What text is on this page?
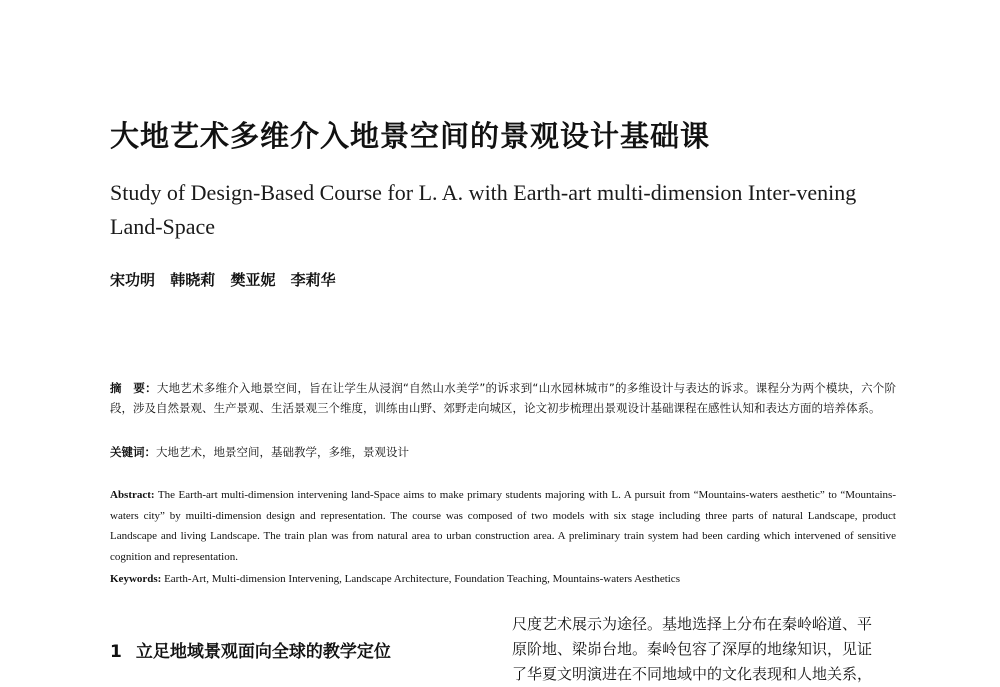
大地艺术多维介入地景空间的景观设计基础课
Study of Design-Based Course for L. A. with Earth-art multi-dimension Inter-vening Land-Space
宋功明 韩晓莉 樊亚妮 李莉华
摘　要：大地艺术多维介入地景空间，旨在让学生从浸润“自然山水美学”的诉求到“山水园林城市”的多维设计与表达的诉求。课程分为两个模块，六个阶段，涉及自然景观、生产景观、生活景观三个维度，训练由山野、郊野走向城区，论文初步梳理出景观设计基础课程在感性认知和表达方面的培养体系。
关键词：大地艺术，地景空间，基础教学，多维，景观设计
Abstract: The Earth-art multi-dimension intervening land-Space aims to make primary students majoring with L. A pursuit from “Mountains-waters aesthetic” to “Mountains-waters city” by muilti-dimension design and representation. The course was composed of two models with six stage including three parts of natural Landscape, product Landscape and living Landscape. The train plan was from natural area to urban construction area. A preliminary train system had been carding which intervened of sensitive cognition and representation.
Keywords: Earth-Art, Multi-dimension Intervening, Landscape Architecture, Foundation Teaching, Mountains-waters Aesthetics
1 立足地域景观面向全球的教学定位
尺度艺术展示为途径。基地选择上分布在秦岭峪道、平
原阶地、梁峁台地。秦岭包容了深厚的地缘知识，见证
了华夏文明演进在不同地域中的文化表现和人地关系，
